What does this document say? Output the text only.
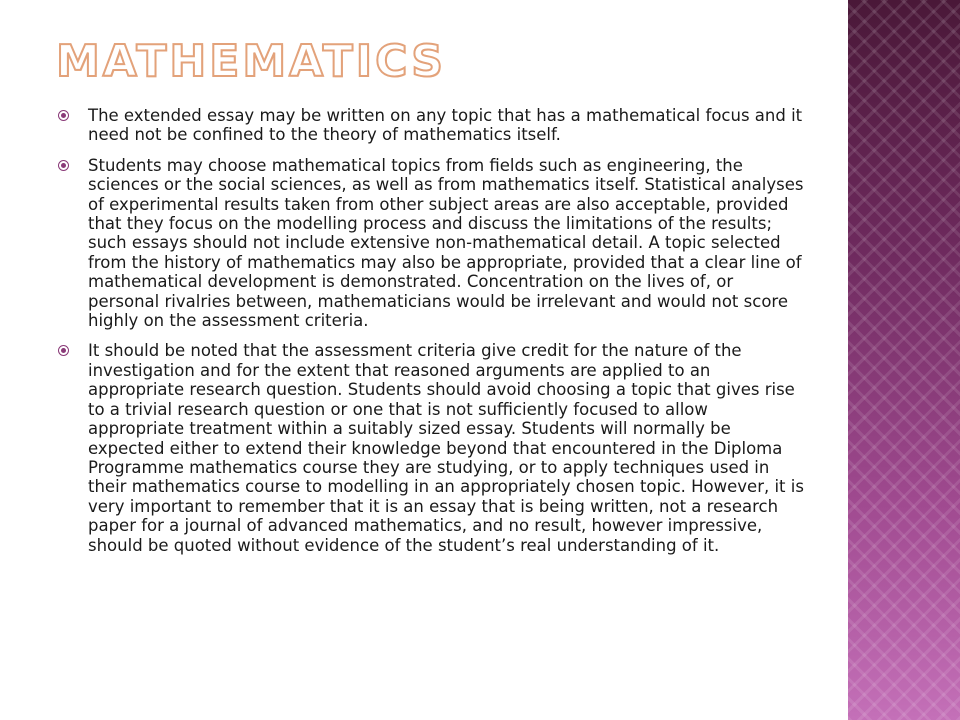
MATHEMATICS
The extended essay may be written on any topic that has a mathematical focus and it need not be confined to the theory of mathematics itself.
Students may choose mathematical topics from fields such as engineering, the sciences or the social sciences, as well as from mathematics itself. Statistical analyses of experimental results taken from other subject areas are also acceptable, provided that they focus on the modelling process and discuss the limitations of the results; such essays should not include extensive non-mathematical detail. A topic selected from the history of mathematics may also be appropriate, provided that a clear line of mathematical development is demonstrated. Concentration on the lives of, or personal rivalries between, mathematicians would be irrelevant and would not score highly on the assessment criteria.
It should be noted that the assessment criteria give credit for the nature of the investigation and for the extent that reasoned arguments are applied to an appropriate research question. Students should avoid choosing a topic that gives rise to a trivial research question or one that is not sufficiently focused to allow appropriate treatment within a suitably sized essay. Students will normally be expected either to extend their knowledge beyond that encountered in the Diploma Programme mathematics course they are studying, or to apply techniques used in their mathematics course to modelling in an appropriately chosen topic. However, it is very important to remember that it is an essay that is being written, not a research paper for a journal of advanced mathematics, and no result, however impressive, should be quoted without evidence of the student’s real understanding of it.
